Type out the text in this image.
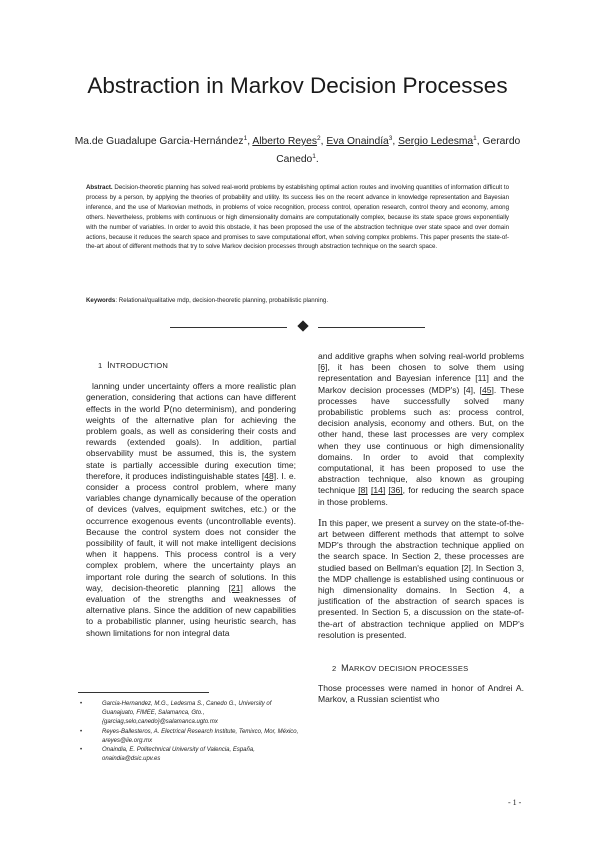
Abstraction in Markov Decision Processes
Ma.de Guadalupe Garcia-Hernández$^1$, Alberto Reyes$^2$, Eva Onaindía$^3$, Sergio Ledesma$^1$, Gerardo Canedo$^1$.
Abstract. Decision-theoretic planning has solved real-world problems by establishing optimal action routes and involving quantities of information difficult to process by a person, by applying the theories of probability and utility. Its success lies on the recent advance in knowledge representation and Bayesian inference, and the use of Markovian methods, in problems of voice recognition, process control, operation research, control theory and economy, among others. Nevertheless, problems with continuous or high dimensionality domains are computationally complex, because its state space grows exponentially with the number of variables. In order to avoid this obstacle, it has been proposed the use of the abstraction technique over state space and over domain actions, because it reduces the search space and promises to save computational effort, when solving complex problems. This paper presents the state-of-the-art about of different methods that try to solve Markov decision processes through abstraction technique on the search space.
Keywords: Relational/qualitative mdp, decision-theoretic planning, probabilistic planning.
1 INTRODUCTION

lanning under uncertainty offers a more realistic plan generation, considering that actions can have different effects in the world P(no determinism), and pondering weights of the alternative plan for achieving the problem goals, as well as considering their costs and rewards (extended goals). In addition, partial observability must be assumed, this is, the system state is partially accessible during execution time; therefore, it produces indistinguishable states [48]. I. e. consider a process control problem, where many variables change dynamically because of the operation of devices (valves, equipment switches, etc.) or the occurrence exogenous events (uncontrollable events). Because the control system does not consider the possibility of fault, it will not make intelligent decisions when it happens. This process control is a very complex problem, where the uncertainty plays an important role during the search of solutions. In this way, decision-theoretic planning [21] allows the evaluation of the strengths and weaknesses of alternative plans. Since the addition of new capabilities to a probabilistic planner, using heuristic search, has shown limitations for non integral data

and additive graphs when solving real-world problems [6], it has been chosen to solve them using representation and Bayesian inference [11] and the Markov decision processes (MDP's) [4], [45]. These processes have successfully solved many probabilistic problems such as: process control, decision analysis, economy and others. But, on the other hand, these last processes are very complex when they use continuous or high dimensionality domains. In order to avoid that complexity computational, it has been proposed to use the abstraction technique, also known as grouping technique [8] [14] [36], for reducing the search space in those problems.

In this paper, we present a survey on the state-of-the-art between different methods that attempt to solve MDP's through the abstraction technique applied on the search space. In Section 2, these processes are studied based on Bellman's equation [2]. In Section 3, the MDP challenge is established using continuous or high dimensionality domains. In Section 4, a justification of the abstraction of search spaces is presented. In Section 5, a discussion on the state-of-the-art of abstraction technique applied on MDP's resolution is presented.

2 MARKOV DECISION PROCESSES

Those processes were named in honor of Andrei A. Markov, a Russian scientist who

•	Garcia-Hernandez, M.G., Ledesma S., Canedo G., University of Guanajuato, FIMEE, Salamanca, Gto., {garciag,selo,canedo}@salamanca.ugto.mx
•	Reyes-Ballesteros, A. Electrical Research Institute, Temixco, Mor, México, areyes@iie.org.mx
•	Onaindia, E. Politechnical University of Valencia, España, onaindia@dsic.upv.es
- 1 -
